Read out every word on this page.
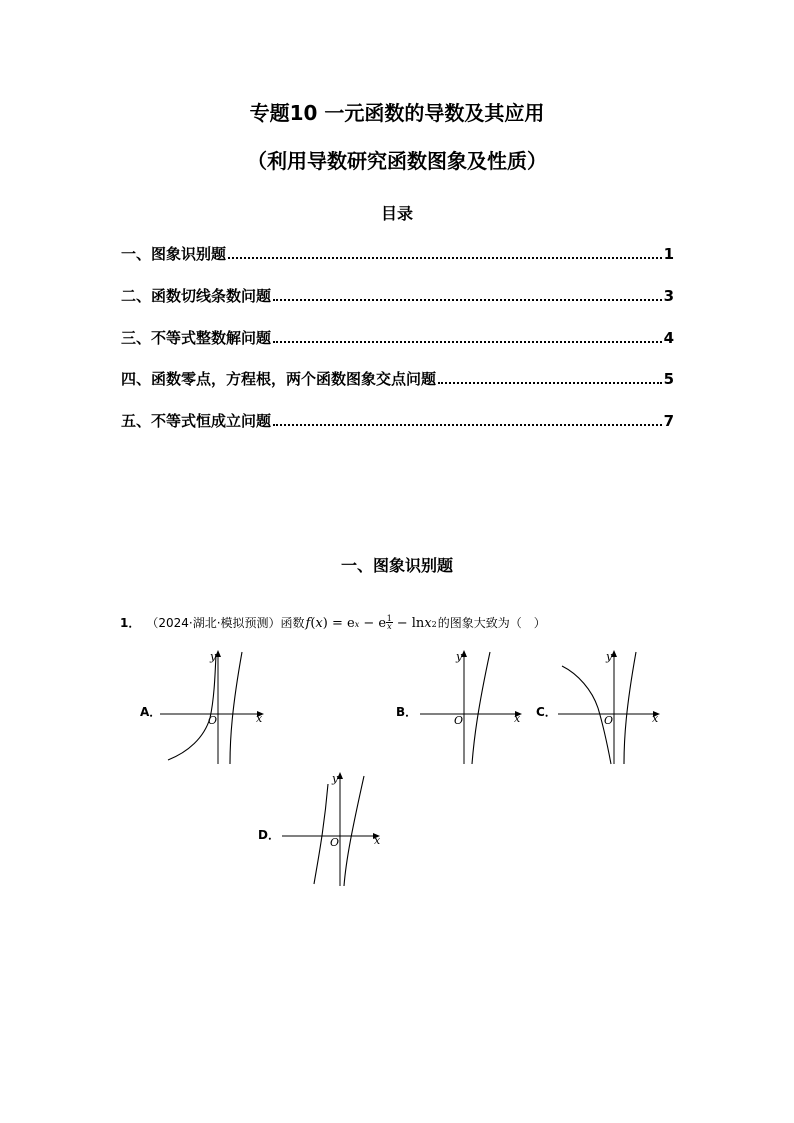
专题10 一元函数的导数及其应用
（利用导数研究函数图象及性质）
目录
一、图象识别题	1
二、函数切线条数问题	3
三、不等式整数解问题	4
四、函数零点，方程根，两个函数图象交点问题	5
五、不等式恒成立问题	7
一、图象识别题
1． （2024·湖北·模拟预测）函数 f ( x ) = e x − e $\frac{1}{x} - \ln x$ 2 的图象大致为（　）
A．	x
y
O
B．	x
y
O
C．	x
y
O
D．	x
y
O
